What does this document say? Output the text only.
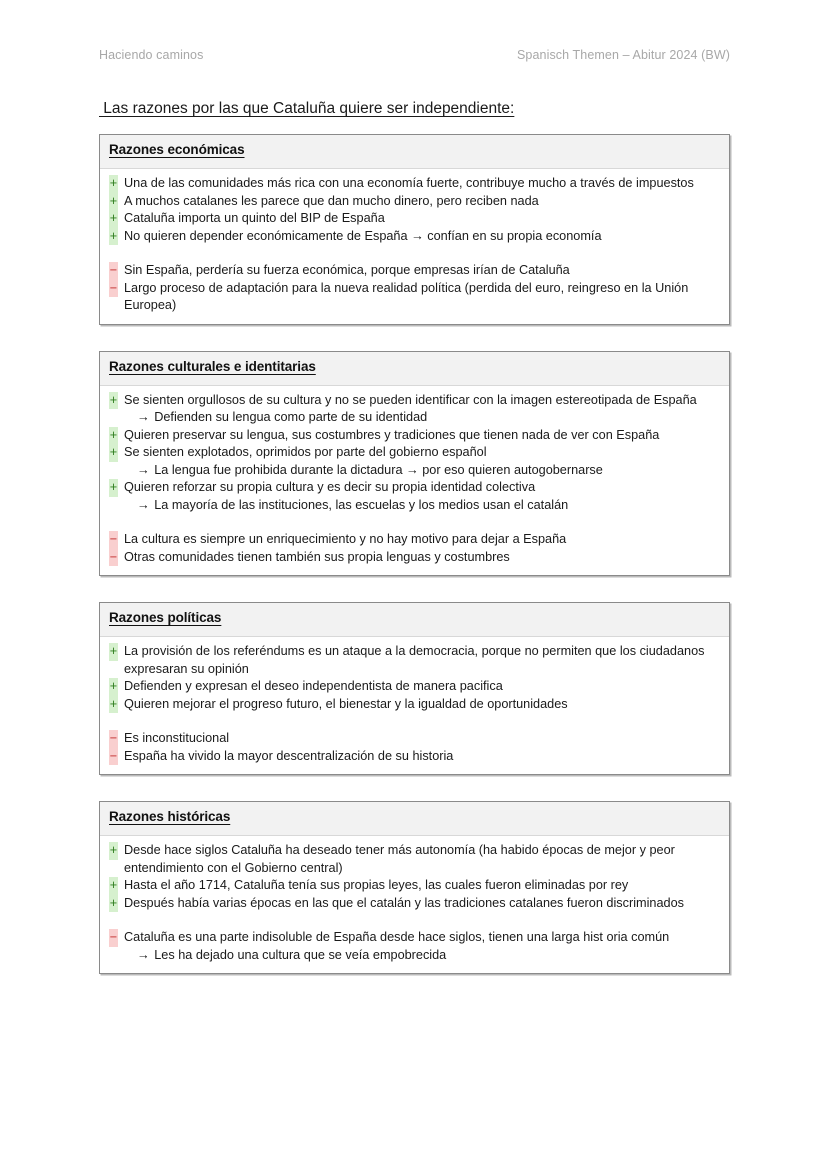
Haciendo caminos	Spanisch Themen – Abitur 2024 (BW)
Las razones por las que Cataluña quiere ser independiente:
Razones económicas
+ Una de las comunidades más rica con una economía fuerte, contribuye mucho a través de impuestos
+ A muchos catalanes les parece que dan mucho dinero, pero reciben nada
+ Cataluña importa un quinto del BIP de España
+ No quieren depender económicamente de España → confían en su propia economía
− Sin España, perdería su fuerza económica, porque empresas irían de Cataluña
− Largo proceso de adaptación para la nueva realidad política (perdida del euro, reingreso en la Unión Europea)
Razones culturales e identitarias
+ Se sienten orgullosos de su cultura y no se pueden identificar con la imagen estereotipada de España
→ Defienden su lengua como parte de su identidad
+ Quieren preservar su lengua, sus costumbres y tradiciones que tienen nada de ver con España
+ Se sienten explotados, oprimidos por parte del gobierno español
→ La lengua fue prohibida durante la dictadura → por eso quieren autogobernarse
+ Quieren reforzar su propia cultura y es decir su propia identidad colectiva
→ La mayoría de las instituciones, las escuelas y los medios usan el catalán
− La cultura es siempre un enriquecimiento y no hay motivo para dejar a España
− Otras comunidades tienen también sus propia lenguas y costumbres
Razones políticas
+ La provisión de los referéndums es un ataque a la democracia, porque no permiten que los ciudadanos expresaran su opinión
+ Defienden y expresan el deseo independentista de manera pacifica
+ Quieren mejorar el progreso futuro, el bienestar y la igualdad de oportunidades
− Es inconstitucional
− España ha vivido la mayor descentralización de su historia
Razones históricas
+ Desde hace siglos Cataluña ha deseado tener más autonomía (ha habido épocas de mejor y peor entendimiento con el Gobierno central)
+ Hasta el año 1714, Cataluña tenía sus propias leyes, las cuales fueron eliminadas por rey
+ Después había varias épocas en las que el catalán y las tradiciones catalanes fueron discriminados
− Cataluña es una parte indisoluble de España desde hace siglos, tienen una larga hist oria común
→ Les ha dejado una cultura que se veía empobrecida
